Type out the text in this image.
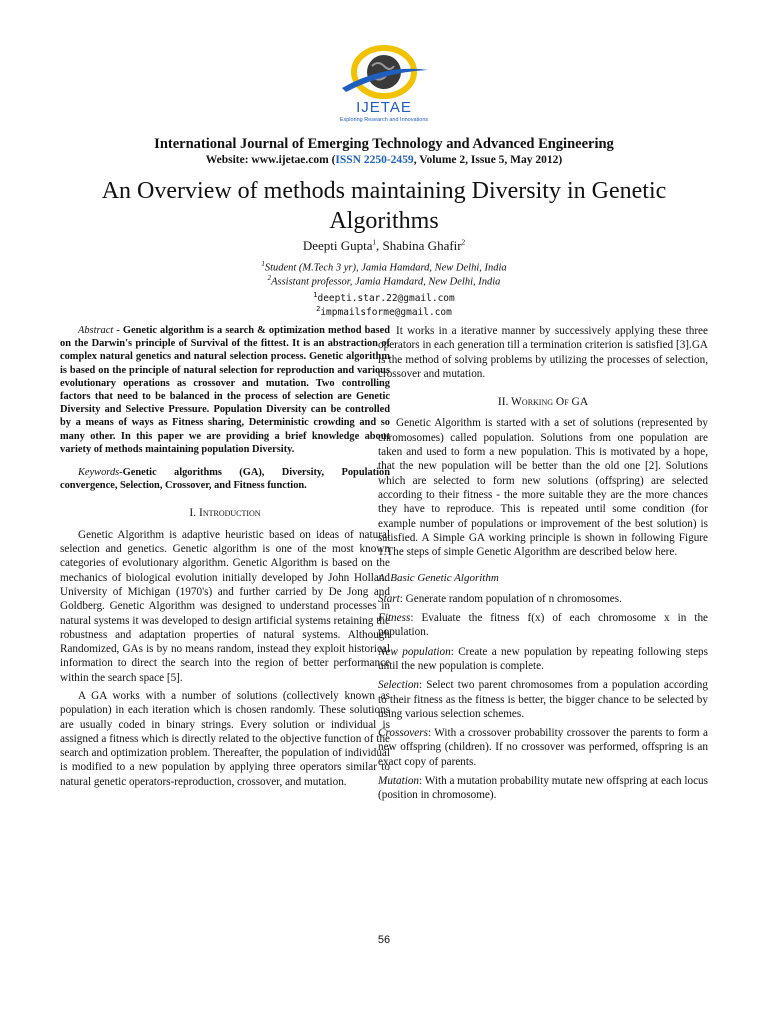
IJETAE
Exploring Research and Innovations
International Journal of Emerging Technology and Advanced Engineering
Website: www.ijetae.com (ISSN 2250-2459, Volume 2, Issue 5, May 2012)
An Overview of methods maintaining Diversity in Genetic Algorithms
Deepti Gupta$^1$, Shabina Ghafir$^2$
$^1$Student (M.Tech 3 yr), Jamia Hamdard, New Delhi, India
$^2$Assistant professor, Jamia Hamdard, New Delhi, India
$^1$deepti.star.22@gmail.com
$^2$impmailsforme@gmail.com

Abstract - Genetic algorithm is a search & optimization method based on the Darwin's principle of Survival of the fittest. It is an abstraction of complex natural genetics and natural selection process. Genetic algorithm is based on the principle of natural selection for reproduction and various evolutionary operations as crossover and mutation. Two controlling factors that need to be balanced in the process of selection are Genetic Diversity and Selective Pressure. Population Diversity can be controlled by a means of ways as Fitness sharing, Deterministic crowding and so many other. In this paper we are providing a brief knowledge about variety of methods maintaining population Diversity.

Keywords-Genetic algorithms (GA), Diversity, Population convergence, Selection, Crossover, and Fitness function.

I. Introduction

Genetic Algorithm is adaptive heuristic based on ideas of natural selection and genetics. Genetic algorithm is one of the most known categories of evolutionary algorithm. Genetic Algorithm is based on the mechanics of biological evolution initially developed by John Holland University of Michigan (1970's) and further carried by De Jong and Goldberg. Genetic Algorithm was designed to understand processes in natural systems it was developed to design artificial systems retaining the robustness and adaptation properties of natural systems. Although Randomized, GAs is by no means random, instead they exploit historical information to direct the search into the region of better performance within the search space [5].

A GA works with a number of solutions (collectively known as population) in each iteration which is chosen randomly. These solutions are usually coded in binary strings. Every solution or individual is assigned a fitness which is directly related to the objective function of the search and optimization problem. Thereafter, the population of individual is modified to a new population by applying three operators similar to natural genetic operators-reproduction, crossover, and mutation.

It works in a iterative manner by successively applying these three operators in each generation till a termination criterion is satisfied [3].GA is the method of solving problems by utilizing the processes of selection, crossover and mutation.

II. Working Of GA

Genetic Algorithm is started with a set of solutions (represented by chromosomes) called population. Solutions from one population are taken and used to form a new population. This is motivated by a hope, that the new population will be better than the old one [2]. Solutions which are selected to form new solutions (offspring) are selected according to their fitness - the more suitable they are the more chances they have to reproduce. This is repeated until some condition (for example number of populations or improvement of the best solution) is satisfied. A Simple GA working principle is shown in following Figure 1.The steps of simple Genetic Algorithm are described below here.

A. Basic Genetic Algorithm

Start: Generate random population of n chromosomes.

Fitness: Evaluate the fitness f(x) of each chromosome x in the population.

New population: Create a new population by repeating following steps until the new population is complete.

Selection: Select two parent chromosomes from a population according to their fitness as the fitness is better, the bigger chance to be selected by using various selection schemes.

Crossovers: With a crossover probability crossover the parents to form a new offspring (children). If no crossover was performed, offspring is an exact copy of parents.

Mutation: With a mutation probability mutate new offspring at each locus (position in chromosome).

56
